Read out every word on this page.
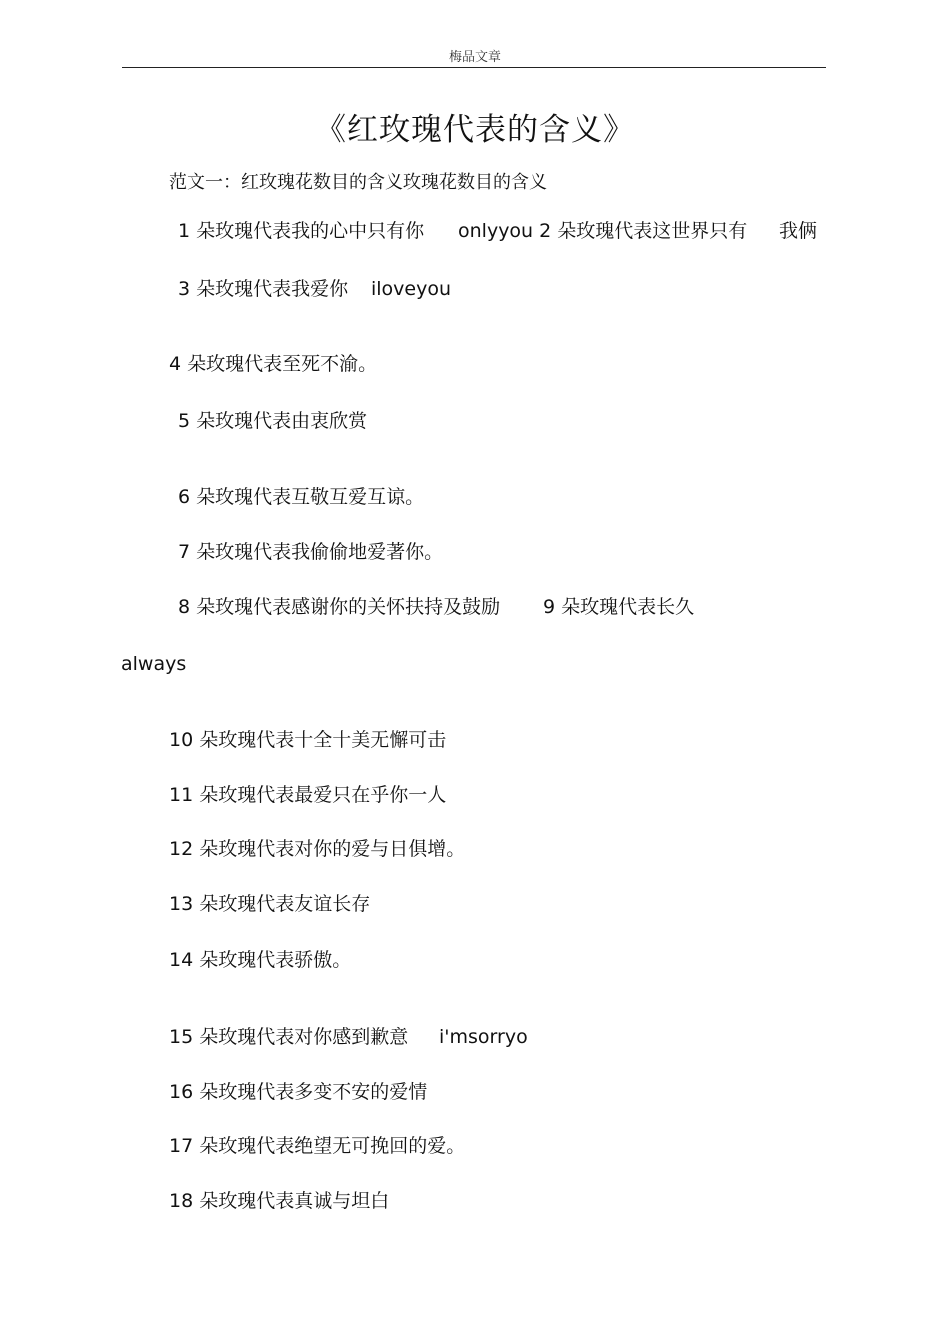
梅品文章
《红玫瑰代表的含义》
范文一：红玫瑰花数目的含义玫瑰花数目的含义
1 朵玫瑰代表我的心中只有你 onlyyou 2 朵玫瑰代表这世界只有 我俩
3 朵玫瑰代表我爱你 iloveyou
4 朵玫瑰代表至死不渝。
5 朵玫瑰代表由衷欣赏
6 朵玫瑰代表互敬互爱互谅。
7 朵玫瑰代表我偷偷地爱著你。
8 朵玫瑰代表感谢你的关怀扶持及鼓励 9 朵玫瑰代表长久
always
10 朵玫瑰代表十全十美无懈可击
11 朵玫瑰代表最爱只在乎你一人
12 朵玫瑰代表对你的爱与日俱增。
13 朵玫瑰代表友谊长存
14 朵玫瑰代表骄傲。
15 朵玫瑰代表对你感到歉意 i'msorryo
16 朵玫瑰代表多变不安的爱情
17 朵玫瑰代表绝望无可挽回的爱。
18 朵玫瑰代表真诚与坦白
